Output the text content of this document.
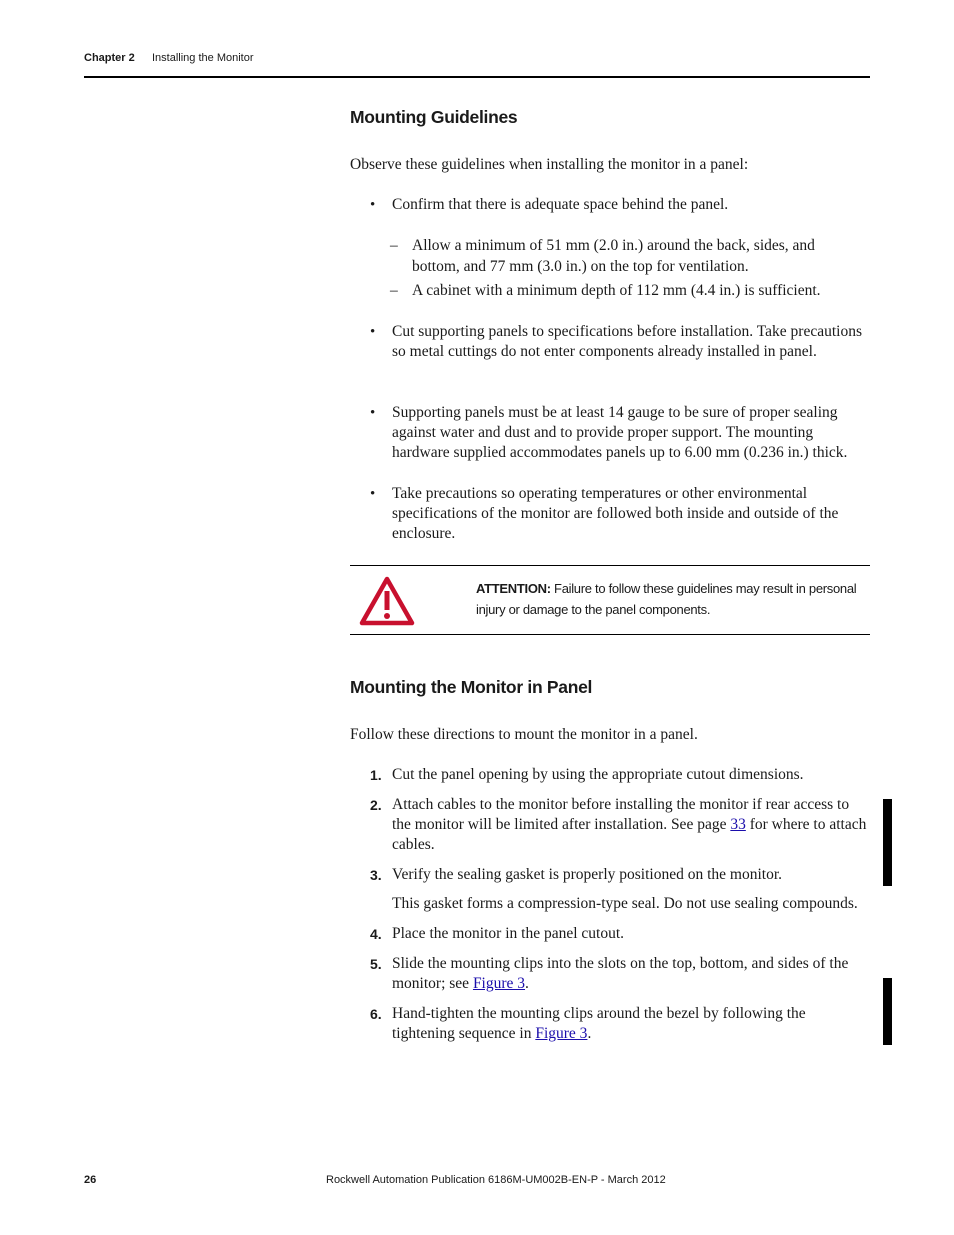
Chapter 2 Installing the Monitor
Mounting Guidelines

Observe these guidelines when installing the monitor in a panel:

• Confirm that there is adequate space behind the panel.
– Allow a minimum of 51 mm (2.0 in.) around the back, sides, and bottom, and 77 mm (3.0 in.) on the top for ventilation.
– A cabinet with a minimum depth of 112 mm (4.4 in.) is sufficient.
• Cut supporting panels to specifications before installation. Take precautions so metal cuttings do not enter components already installed in panel.
• Supporting panels must be at least 14 gauge to be sure of proper sealing against water and dust and to provide proper support. The mounting hardware supplied accommodates panels up to 6.00 mm (0.236 in.) thick.
• Take precautions so operating temperatures or other environmental specifications of the monitor are followed both inside and outside of the enclosure.
ATTENTION: Failure to follow these guidelines may result in personal injury or damage to the panel components.
Mounting the Monitor in Panel

Follow these directions to mount the monitor in a panel.

1. Cut the panel opening by using the appropriate cutout dimensions.
2. Attach cables to the monitor before installing the monitor if rear access to the monitor will be limited after installation. See page 33 for where to attach cables.
3. Verify the sealing gasket is properly positioned on the monitor.
This gasket forms a compression-type seal. Do not use sealing compounds.
4. Place the monitor in the panel cutout.
5. Slide the mounting clips into the slots on the top, bottom, and sides of the monitor; see Figure 3.
6. Hand-tighten the mounting clips around the bezel by following the tightening sequence in Figure 3.
26	Rockwell Automation Publication 6186M-UM002B-EN-P - March 2012
